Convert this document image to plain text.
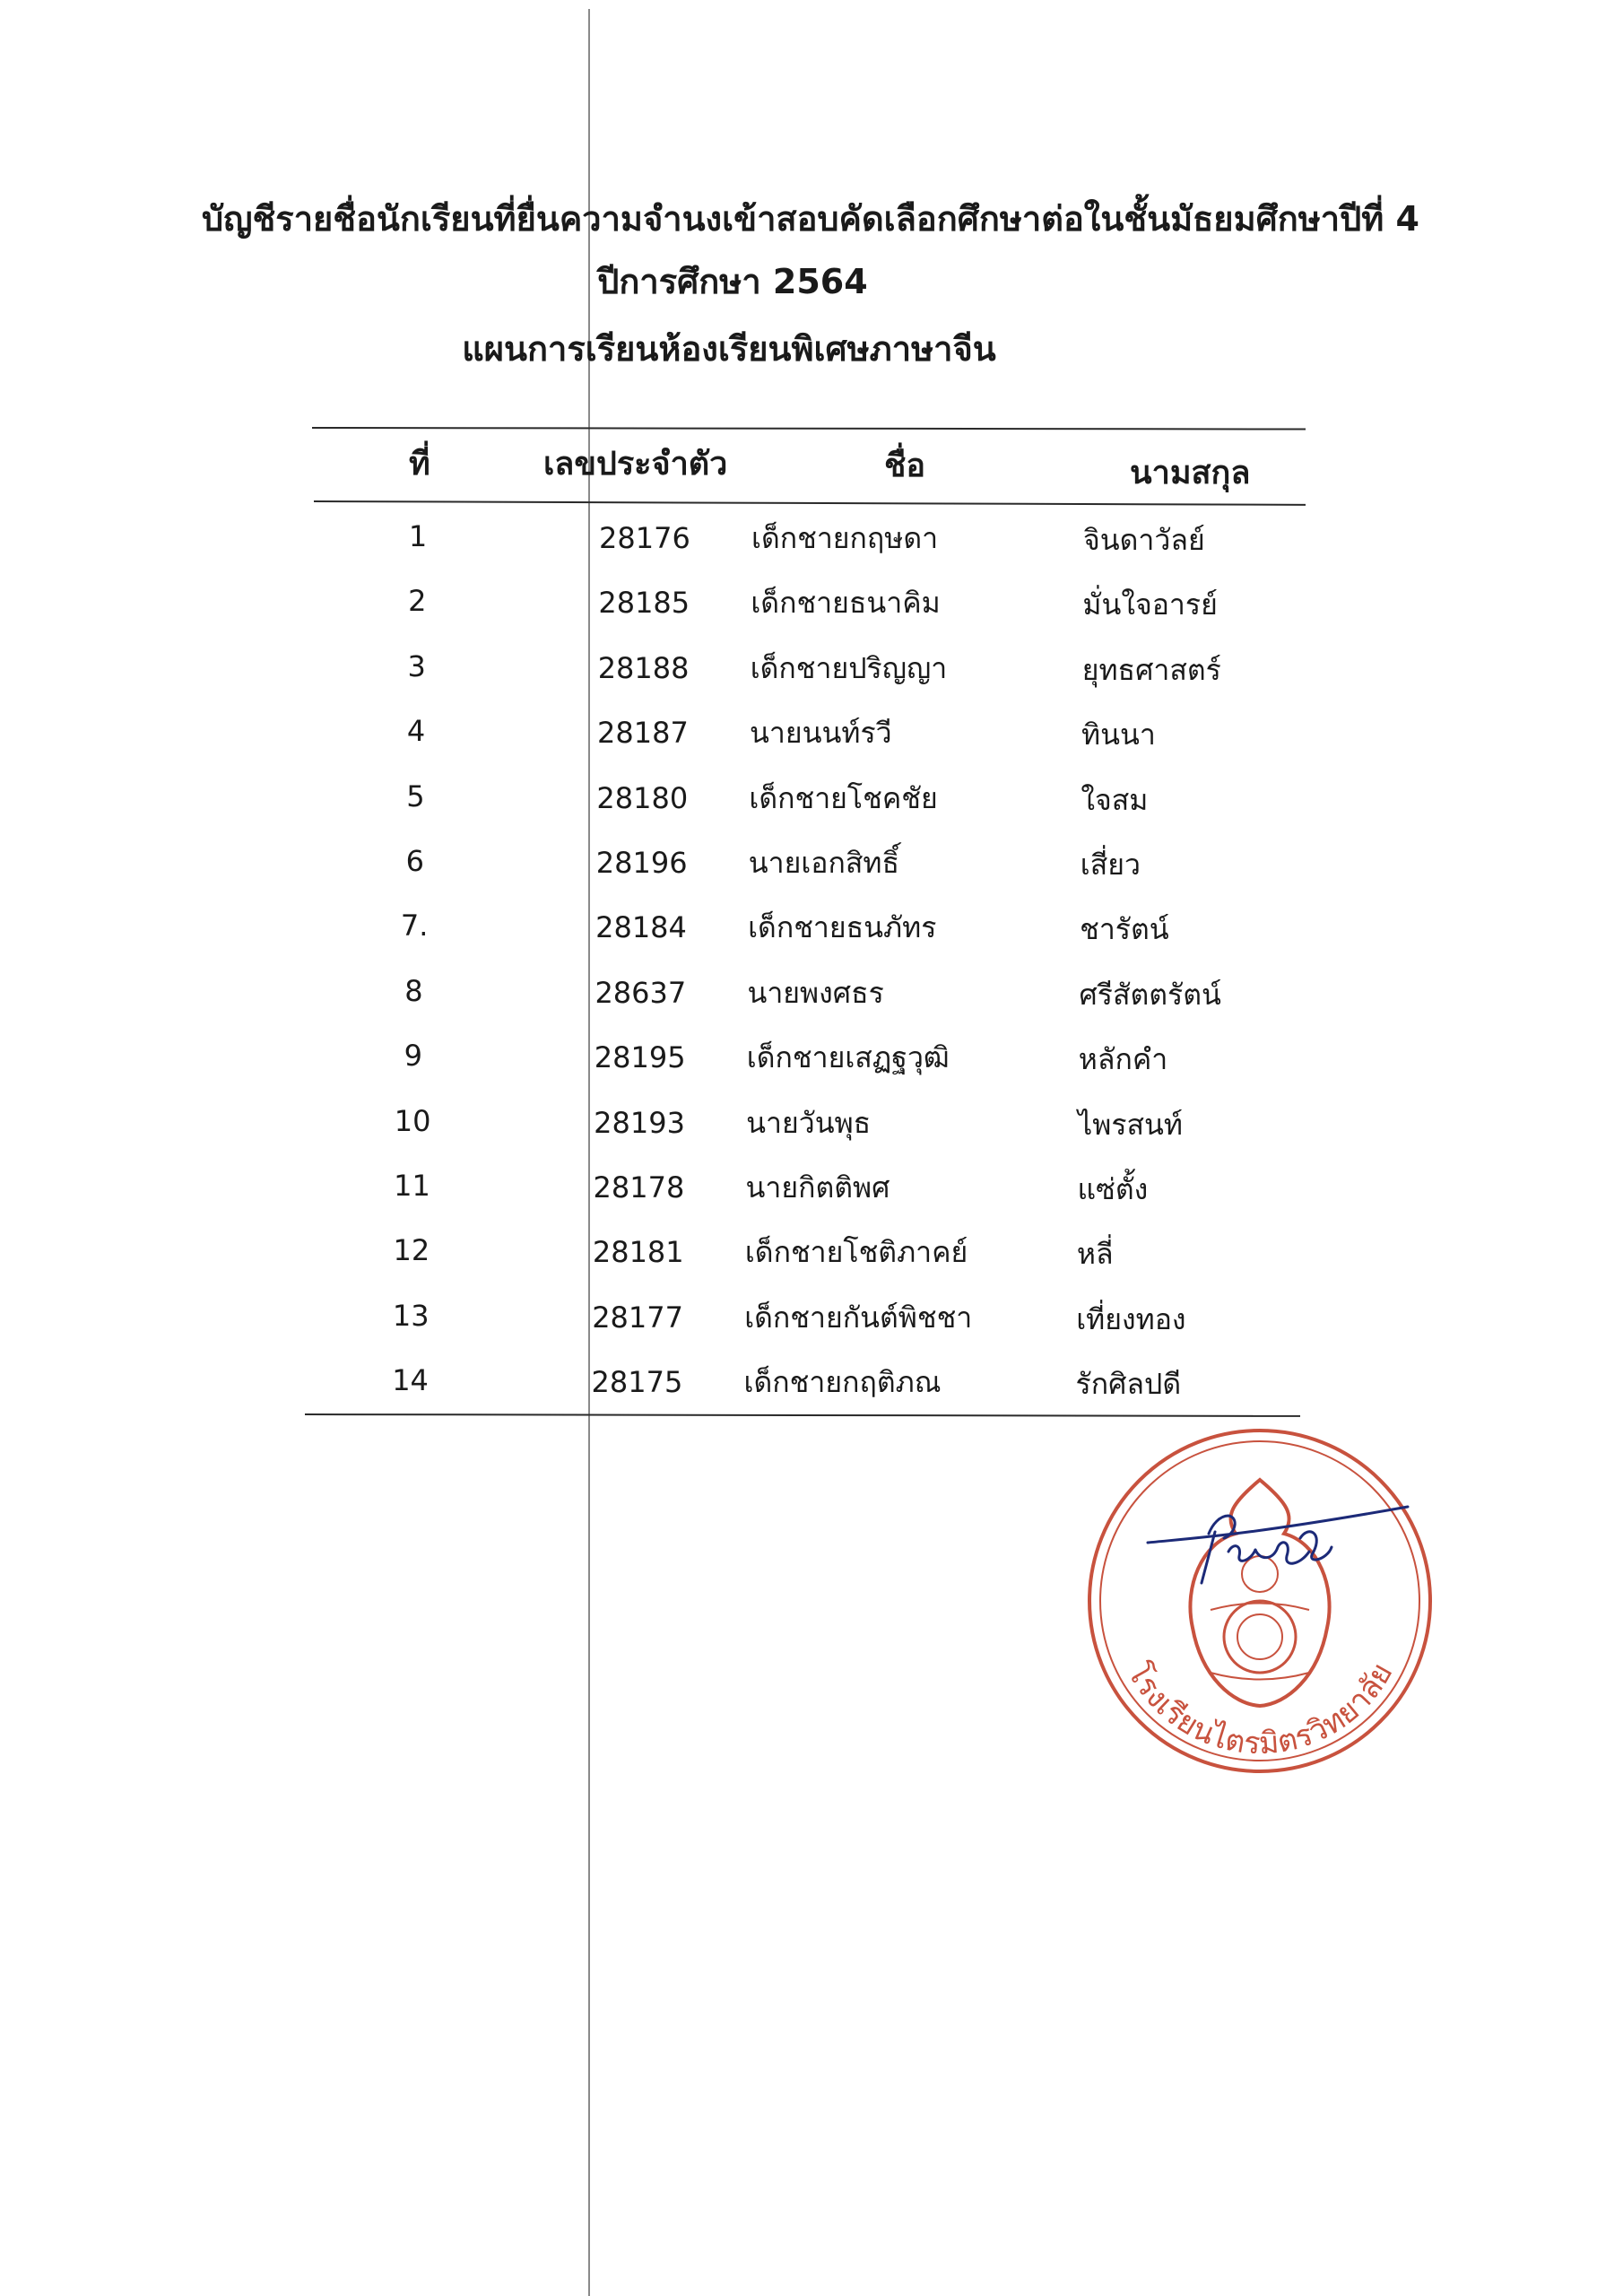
บัญชีรายชื่อนักเรียนที่ยื่นความจำนงเข้าสอบคัดเลือกศึกษาต่อในชั้นมัธยมศึกษาปีที่ 4
ปีการศึกษา 2564
แผนการเรียนห้องเรียนพิเศษภาษาจีน
ที่	เลขประจำตัว	ชื่อ	นามสกุล
1	28176 เด็กชายกฤษดา	จินดาวัลย์
2	28185 เด็กชายธนาคิม	มั่นใจอารย์
3	28188 เด็กชายปริญญา	ยุทธศาสตร์
4	28187 นายนนท์รวี	ทินนา
5	28180 เด็กชายโชคชัย	ใจสม
6	28196 นายเอกสิทธิ์	เสี่ยว
7.	28184 เด็กชายธนภัทร	ชารัตน์
8	28637 นายพงศธร	ศรีสัตตรัตน์
9	28195 เด็กชายเสฏฐวุฒิ	หลักคำ
10	28193 นายวันพุธ	ไพรสนท์
11	28178 นายกิตติพศ	แซ่ตั้ง
12	28181 เด็กชายโชติภาคย์	หลี่
13	28177 เด็กชายกันต์พิชชา	เที่ยงทอง
14	28175 เด็กชายกฤติภณ	รักศิลปดี
โรงเรียนไตรมิตรวิทยาลัย
